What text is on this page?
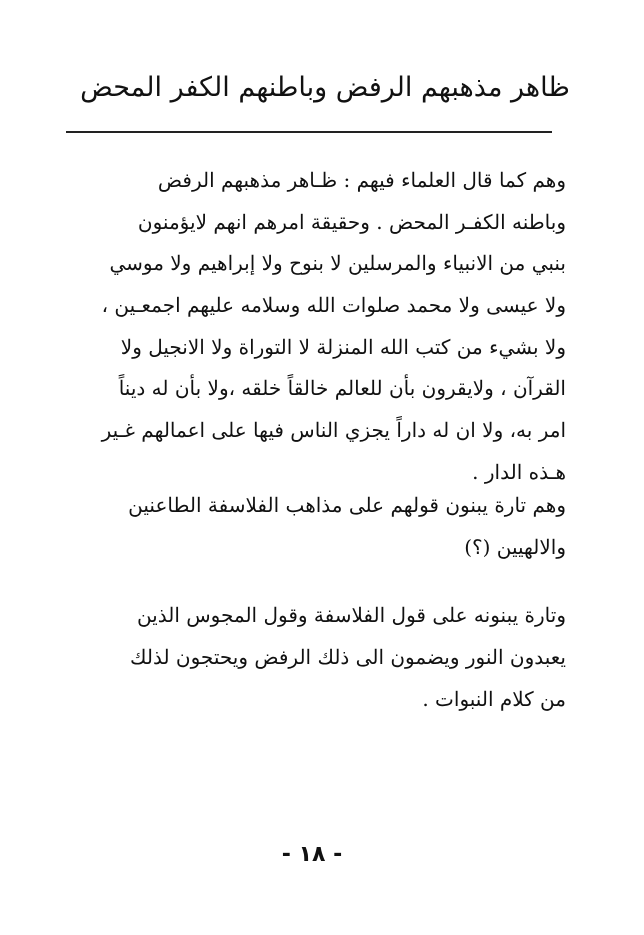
ظاهر مذهبهم الرفض وباطنهم الكفر المحض
وهم كما قال العلماء فيهم : ظـاهر مذهبهم الرفض
وباطنه الكفـر المحض . وحقيقة امرهم انهم لايؤمنون
بنبي من الانبياء والمرسلين لا بنوح ولا إبراهيم ولا موسي
ولا عيسى ولا محمد صلوات الله وسلامه عليهم اجمعـين ،
ولا بشيء من كتب الله المنزلة لا التوراة ولا الانجيل ولا
القرآن ، ولايقرون بأن للعالم خالقاً خلقه ،ولا بأن له ديناً
امر به، ولا ان له داراً يجزي الناس فيها على اعمالهم غـير
هـذه الدار .
وهم تارة يبنون قولهم على مذاهب الفلاسفة الطاعنين
والالهيين (؟)
وتارة يبنونه على قول الفلاسفة وقول المجوس الذين
يعبدون النور ويضمون الى ذلك الرفض ويحتجون لذلك
من كلام النبوات .
- ١٨ -
